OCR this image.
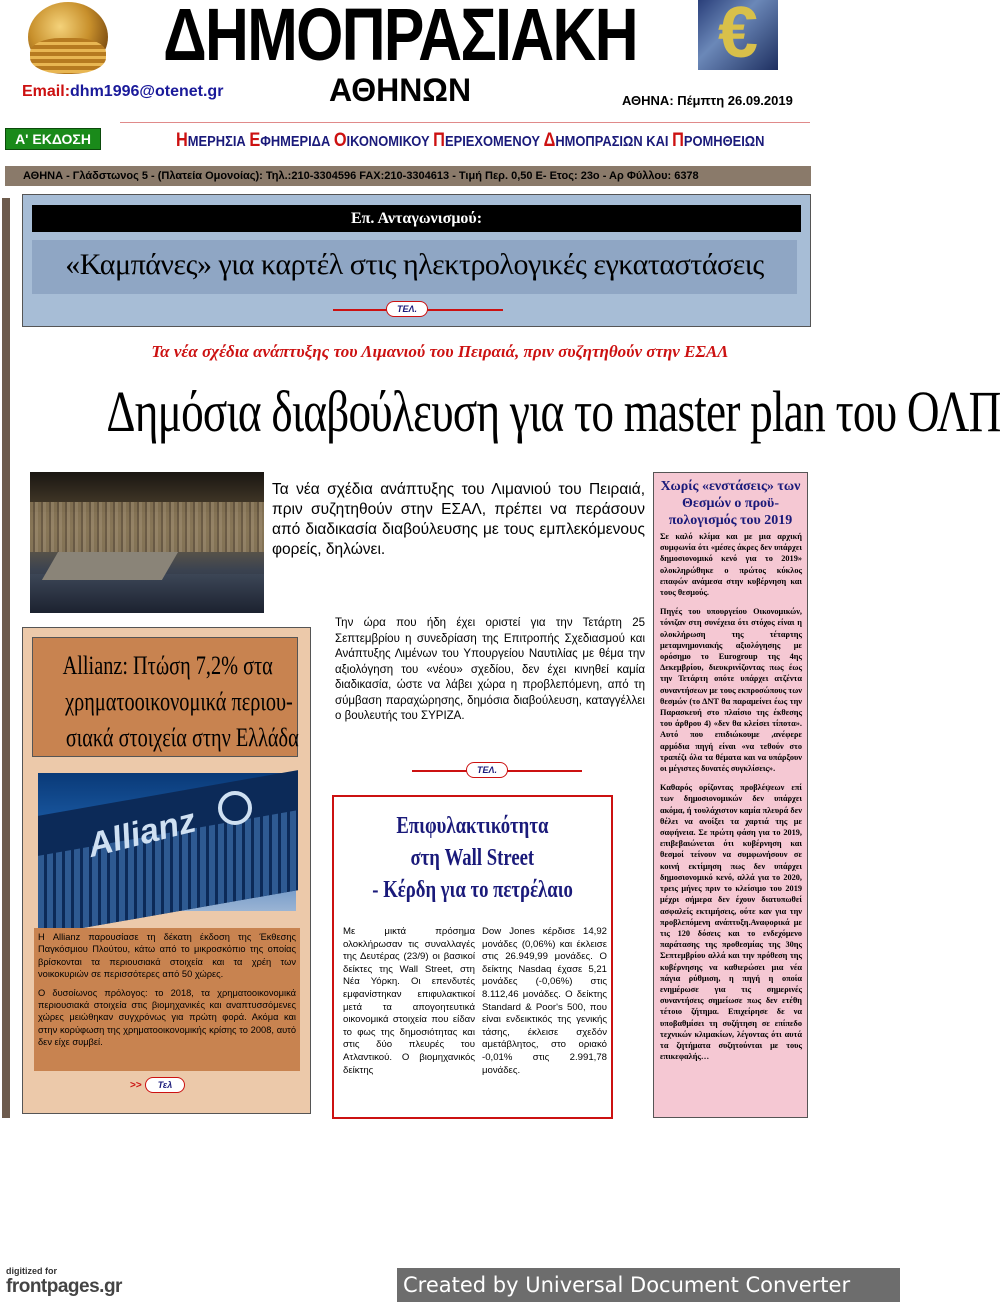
ΔΗΜΟΠΡΑΣΙΑΚΗ €
ΑΘΗΝΩΝ
Email:dhm1996@otenet.gr
ΑΘΗΝΑ: Πέμπτη 26.09.2019
Α' ΕΚΔΟΣΗ	ΗΜΕΡΗΣΙΑ ΕΦΗΜΕΡΙΔΑ ΟΙΚΟΝΟΜΙΚΟΥ ΠΕΡΙΕΧΟΜΕΝΟΥ ΔΗΜΟΠΡΑΣΙΩΝ ΚΑΙ ΠΡΟΜΗΘΕΙΩΝ
ΑΘΗΝΑ - Γλάδστωνος 5 - (Πλατεία Ομονοίας): Τηλ.:210-3304596 FAX:210-3304613 - Τιμή Περ. 0,50 Ε- Ετος: 23ο - Αρ Φύλλου: 6378
Επ. Ανταγωνισμού:
«Καμπάνες» για καρτέλ στις ηλεκτρολογικές εγκαταστάσεις
ΤΕΛ.
Τα νέα σχέδια ανάπτυξης του Λιμανιού του Πειραιά, πριν συζητηθούν στην ΕΣΑΛ
Δημόσια διαβούλευση για το master plan του ΟΛΠ
Τα νέα σχέδια ανάπτυξης του Λιμανιού του Πειραιά, πριν συζητηθούν στην ΕΣΑΛ, πρέπει να περάσουν από διαδικασία διαβούλευσης με τους εμπλεκόμενους φορείς, δηλώνει.
Την ώρα που ήδη έχει οριστεί για την Τετάρτη 25 Σεπτεμβρίου η συνεδρίαση της Επιτροπής Σχεδιασμού και Ανάπτυξης Λιμένων του Υπουργείου Ναυτιλίας με θέμα την αξιολόγηση του «νέου» σχεδίου, δεν έχει κινηθεί καμία διαδικασία, ώστε να λάβει χώρα η προβλεπόμενη, από τη σύμβαση παραχώρησης, δημόσια διαβούλευση, καταγγέλλει ο βουλευτής του ΣΥΡΙΖΑ.
ΤΕΛ.
Allianz: Πτώση 7,2% στα
χρηματοοικονομικά περιου-
σιακά στοιχεία στην Ελλάδα
Allianz

Η Allianz παρουσίασε τη δέκατη έκδοση της Έκθεσης Παγκόσμιου Πλούτου, κάτω από το μικροσκόπιο της οποίας βρίσκονται τα περιουσιακά στοιχεία και τα χρέη των νοικοκυριών σε περισσότερες από 50 χώρες.

Ο δυσοίωνος πρόλογος: το 2018, τα χρηματοοικονομικά περιουσιακά στοιχεία στις βιομηχανικές και αναπτυσσόμενες χώρες μειώθηκαν συγχρόνως για πρώτη φορά. Ακόμα και στην κορύφωση της χρηματοοικονομικής κρίσης το 2008, αυτό δεν είχε συμβεί.

>>	Τελ
Επιφυλακτικότητα
στη Wall Street
- Κέρδη για το πετρέλαιο
Με μικτά πρόσημα ολοκλήρωσαν τις συναλλαγές της Δευτέρας (23/9) οι βασικοί δείκτες της Wall Street, στη Νέα Υόρκη. Οι επενδυτές εμφανίστηκαν επιφυλακτικοί μετά τα απογοητευτικά οικονομικά στοιχεία που είδαν το φως της δημοσιότητας και στις δύο πλευρές του Ατλαντικού. Ο βιομηχανικός δείκτης
Dow Jones κέρδισε 14,92 μονάδες (0,06%) και έκλεισε στις 26.949,99 μονάδες. Ο δείκτης Nasdaq έχασε 5,21 μονάδες (-0,06%) στις 8.112,46 μονάδες. Ο δείκτης Standard & Poor's 500, που είναι ενδεικτικός της γενικής τάσης, έκλεισε σχεδόν αμετάβλητος, στο οριακό -0,01% στις 2.991,78 μονάδες.
Χωρίς «ενστάσεις» των Θεσμών ο προϋ-πολογισμός του 2019

Σε καλό κλίμα και με μια αρχική συμφωνία ότι «μέσες άκρες δεν υπάρχει δημοσιονομικό κενό για το 2019» ολοκληρώθηκε ο πρώτος κύκλος επαφών ανάμεσα στην κυβέρνηση και τους θεσμούς.

Πηγές του υπουργείου Οικονομικών, τόνιζαν στη συνέχεια ότι στόχος είναι η ολοκλήρωση της τέταρτης μεταμνημονιακής αξιολόγησης με ορόσημο το Eurogroup της 4ης Δεκεμβρίου, διευκρινίζοντας πως έως την Τετάρτη οπότε υπάρχει ατζέντα συναντήσεων με τους εκπροσώπους των θεσμών (το ΔΝΤ θα παραμείνει έως την Παρασκευή στο πλαίσιο της έκθεσης του άρθρου 4) «δεν θα κλείσει τίποτα». Αυτό που επιδιώκουμε ,ανέφερε αρμόδια πηγή είναι «να τεθούν στο τραπέζι όλα τα θέματα και να υπάρξουν οι μέγιστες δυνατές συγκλίσεις».

Καθαρός ορίζοντας προβλέψεων επί των δημοσιονομικών δεν υπάρχει ακόμα, ή τουλάχιστον καμία πλευρά δεν θέλει να ανοίξει τα χαρτιά της με σαφήνεια. Σε πρώτη φάση για το 2019, επιβεβαιώνεται ότι κυβέρνηση και θεσμοί τείνουν να συμφωνήσουν σε κοινή εκτίμηση πως δεν υπάρχει δημοσιονομικό κενό, αλλά για το 2020, τρεις μήνες πριν το κλείσιμο του 2019 μέχρι σήμερα δεν έχουν διατυπωθεί ασφαλείς εκτιμήσεις, ούτε καν για την προβλεπόμενη ανάπτυξη.Αναφορικά με τις 120 δόσεις και το ενδεχόμενο παράτασης της προθεσμίας της 30ης Σεπτεμβρίου αλλά και την πρόθεση της κυβέρνησης να καθιερώσει μια νέα πάγια ρύθμιση, η πηγή η οποία ενημέρωσε για τις σημερινές συναντήσεις σημείωσε πως δεν ετέθη τέτοιο ζήτημα. Επιχείρησε δε να υποβαθμίσει τη συζήτηση σε επίπεδο τεχνικών κλιμακίων, λέγοντας ότι αυτά τα ζητήματα συζητούνται με τους επικεφαλής…

digitized for
frontpages.gr	Created by Universal Document Converter
